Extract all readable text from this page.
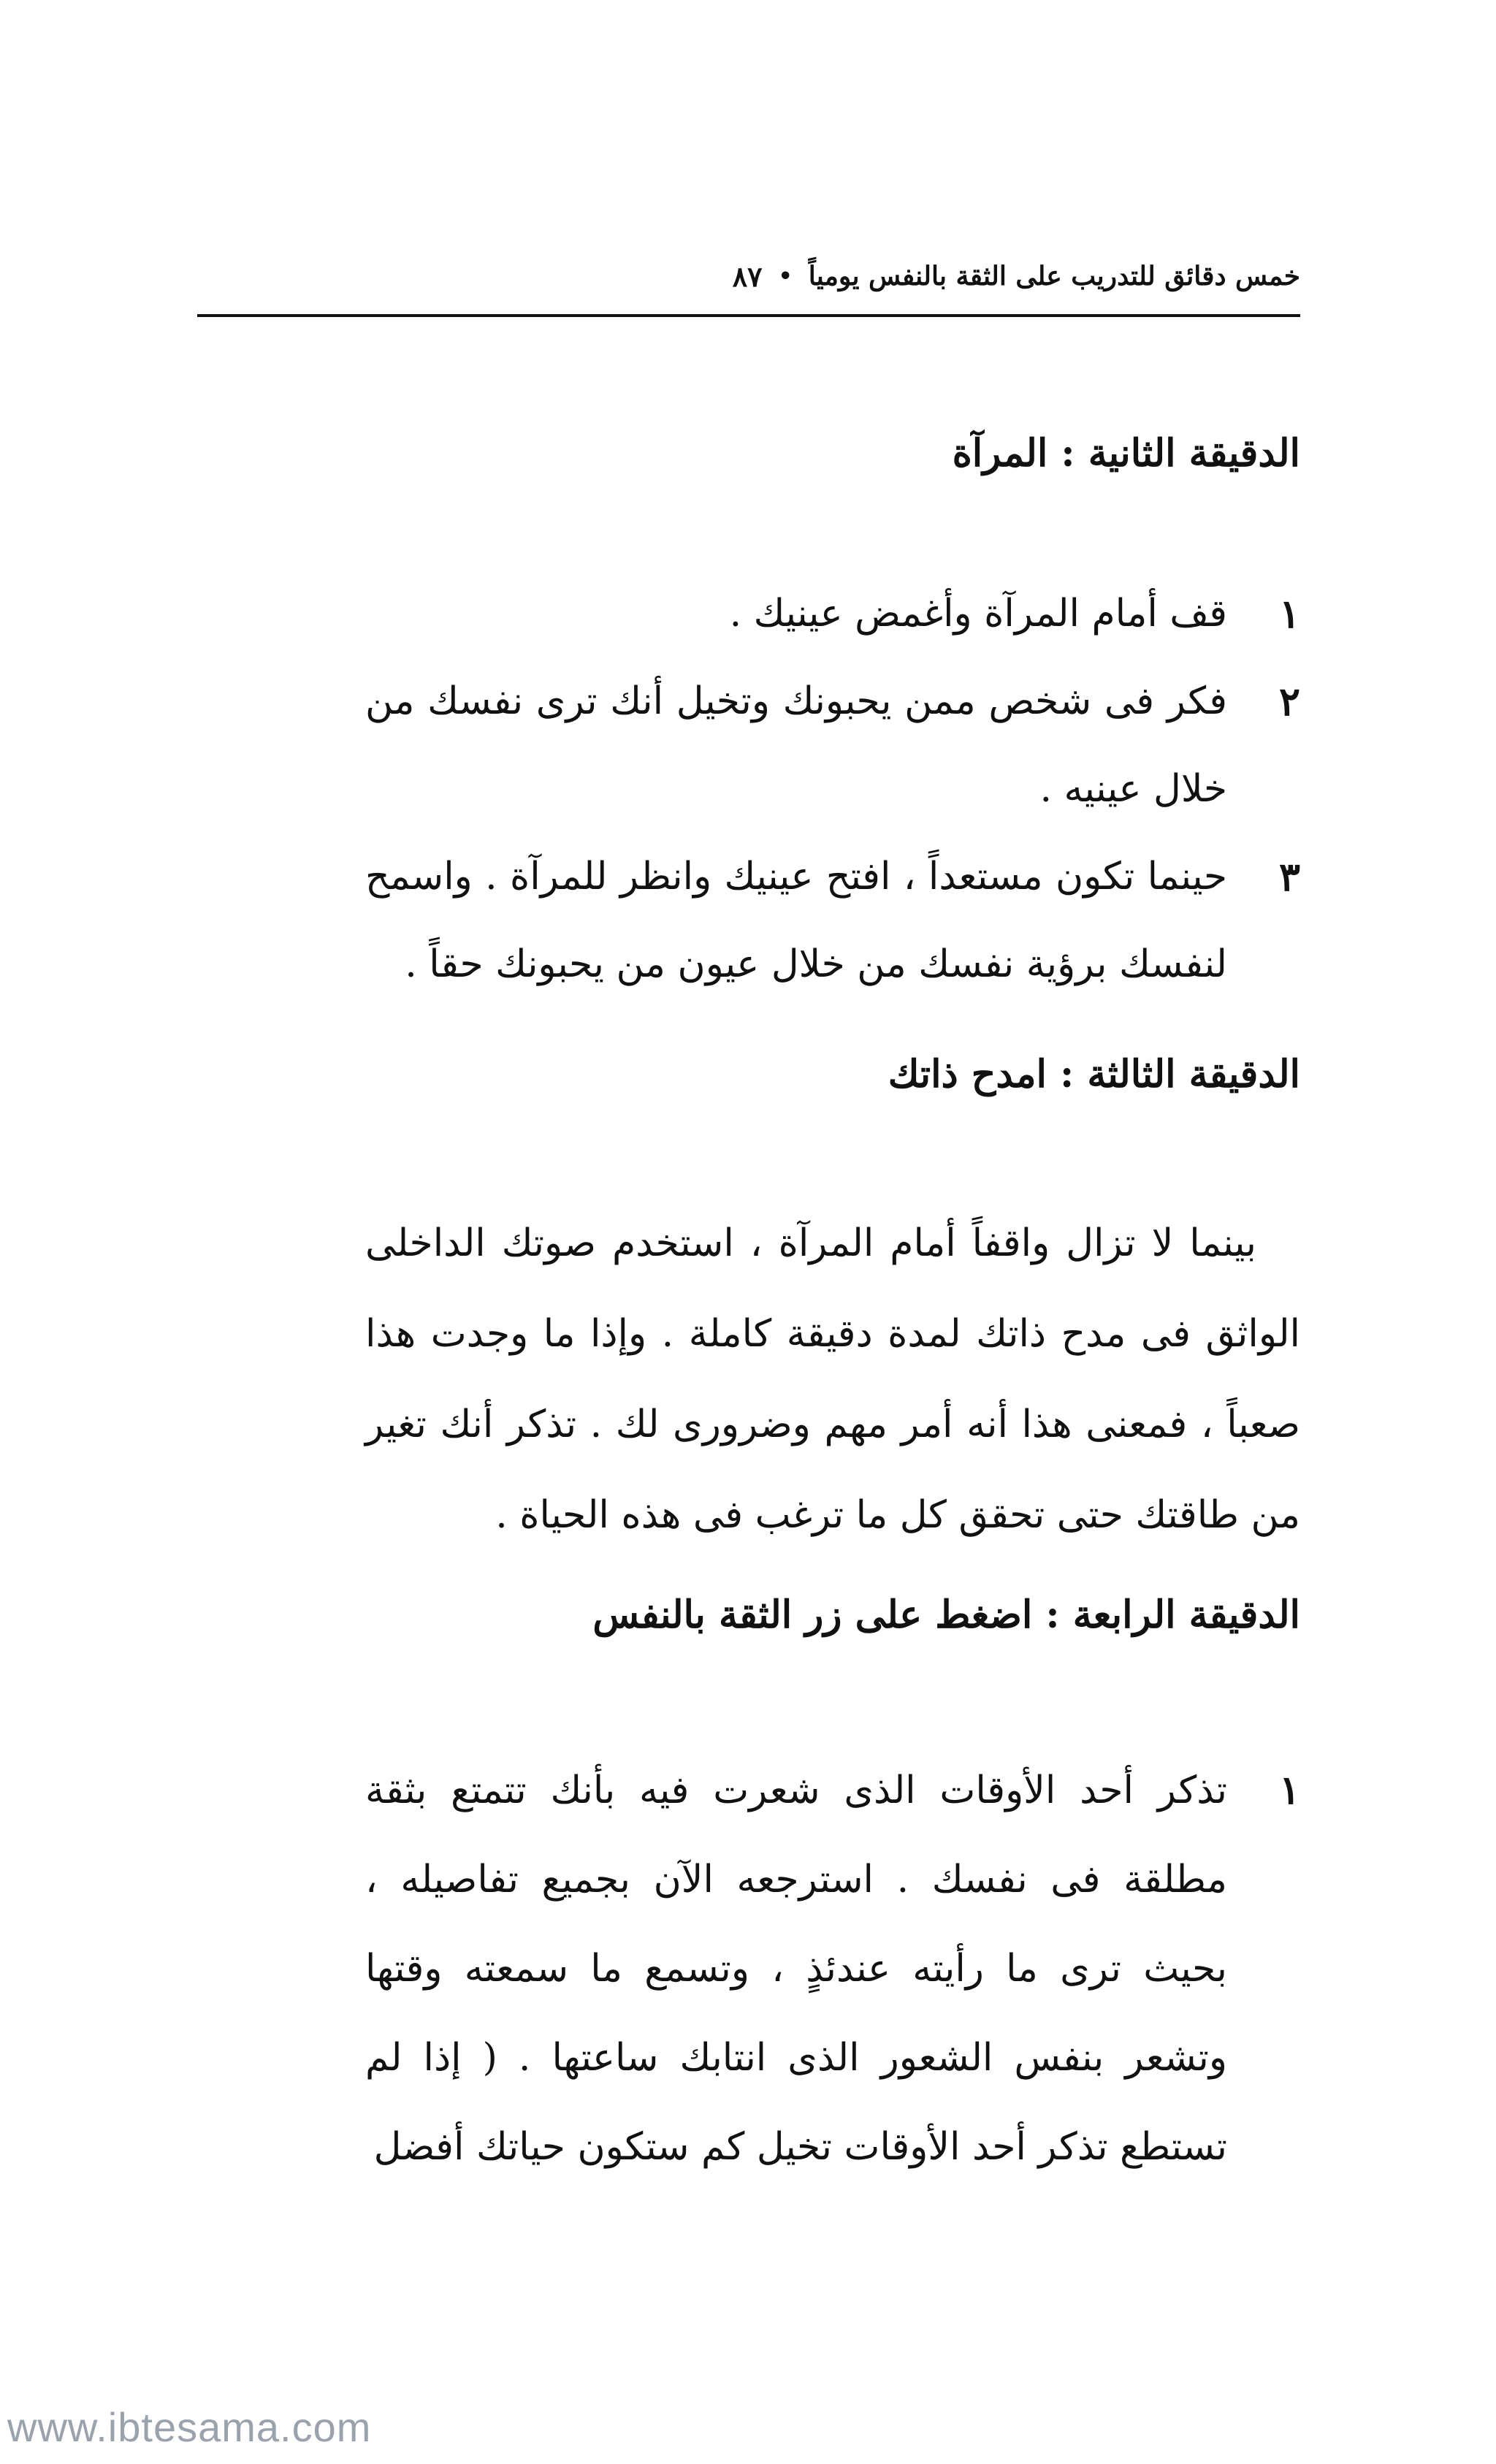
خمس دقائق للتدريب على الثقة بالنفس يومياً
•
٨٧
الدقيقة الثانية : المرآة
١
قف أمام المرآة وأغمض عينيك .
٢
فكر فى شخص ممن يحبونك وتخيل أنك ترى نفسك من خلال عينيه .
٣
حينما تكون مستعداً ، افتح عينيك وانظر للمرآة . واسمح لنفسك برؤية نفسك من خلال عيون من يحبونك حقاً .
الدقيقة الثالثة : امدح ذاتك
بينما لا تزال واقفاً أمام المرآة ، استخدم صوتك الداخلى الواثق فى مدح ذاتك لمدة دقيقة كاملة . وإذا ما وجدت هذا صعباً ، فمعنى هذا أنه أمر مهم وضرورى لك . تذكر أنك تغير من طاقتك حتى تحقق كل ما ترغب فى هذه الحياة .
الدقيقة الرابعة : اضغط على زر الثقة بالنفس
١
تذكر أحد الأوقات الذى شعرت فيه بأنك تتمتع بثقة مطلقة فى نفسك . استرجعه الآن بجميع تفاصيله ، بحيث ترى ما رأيته عندئذٍ ، وتسمع ما سمعته وقتها وتشعر بنفس الشعور الذى انتابك ساعتها . ( إذا لم تستطع تذكر أحد الأوقات تخيل كم ستكون حياتك أفضل
www.ibtesama.com
